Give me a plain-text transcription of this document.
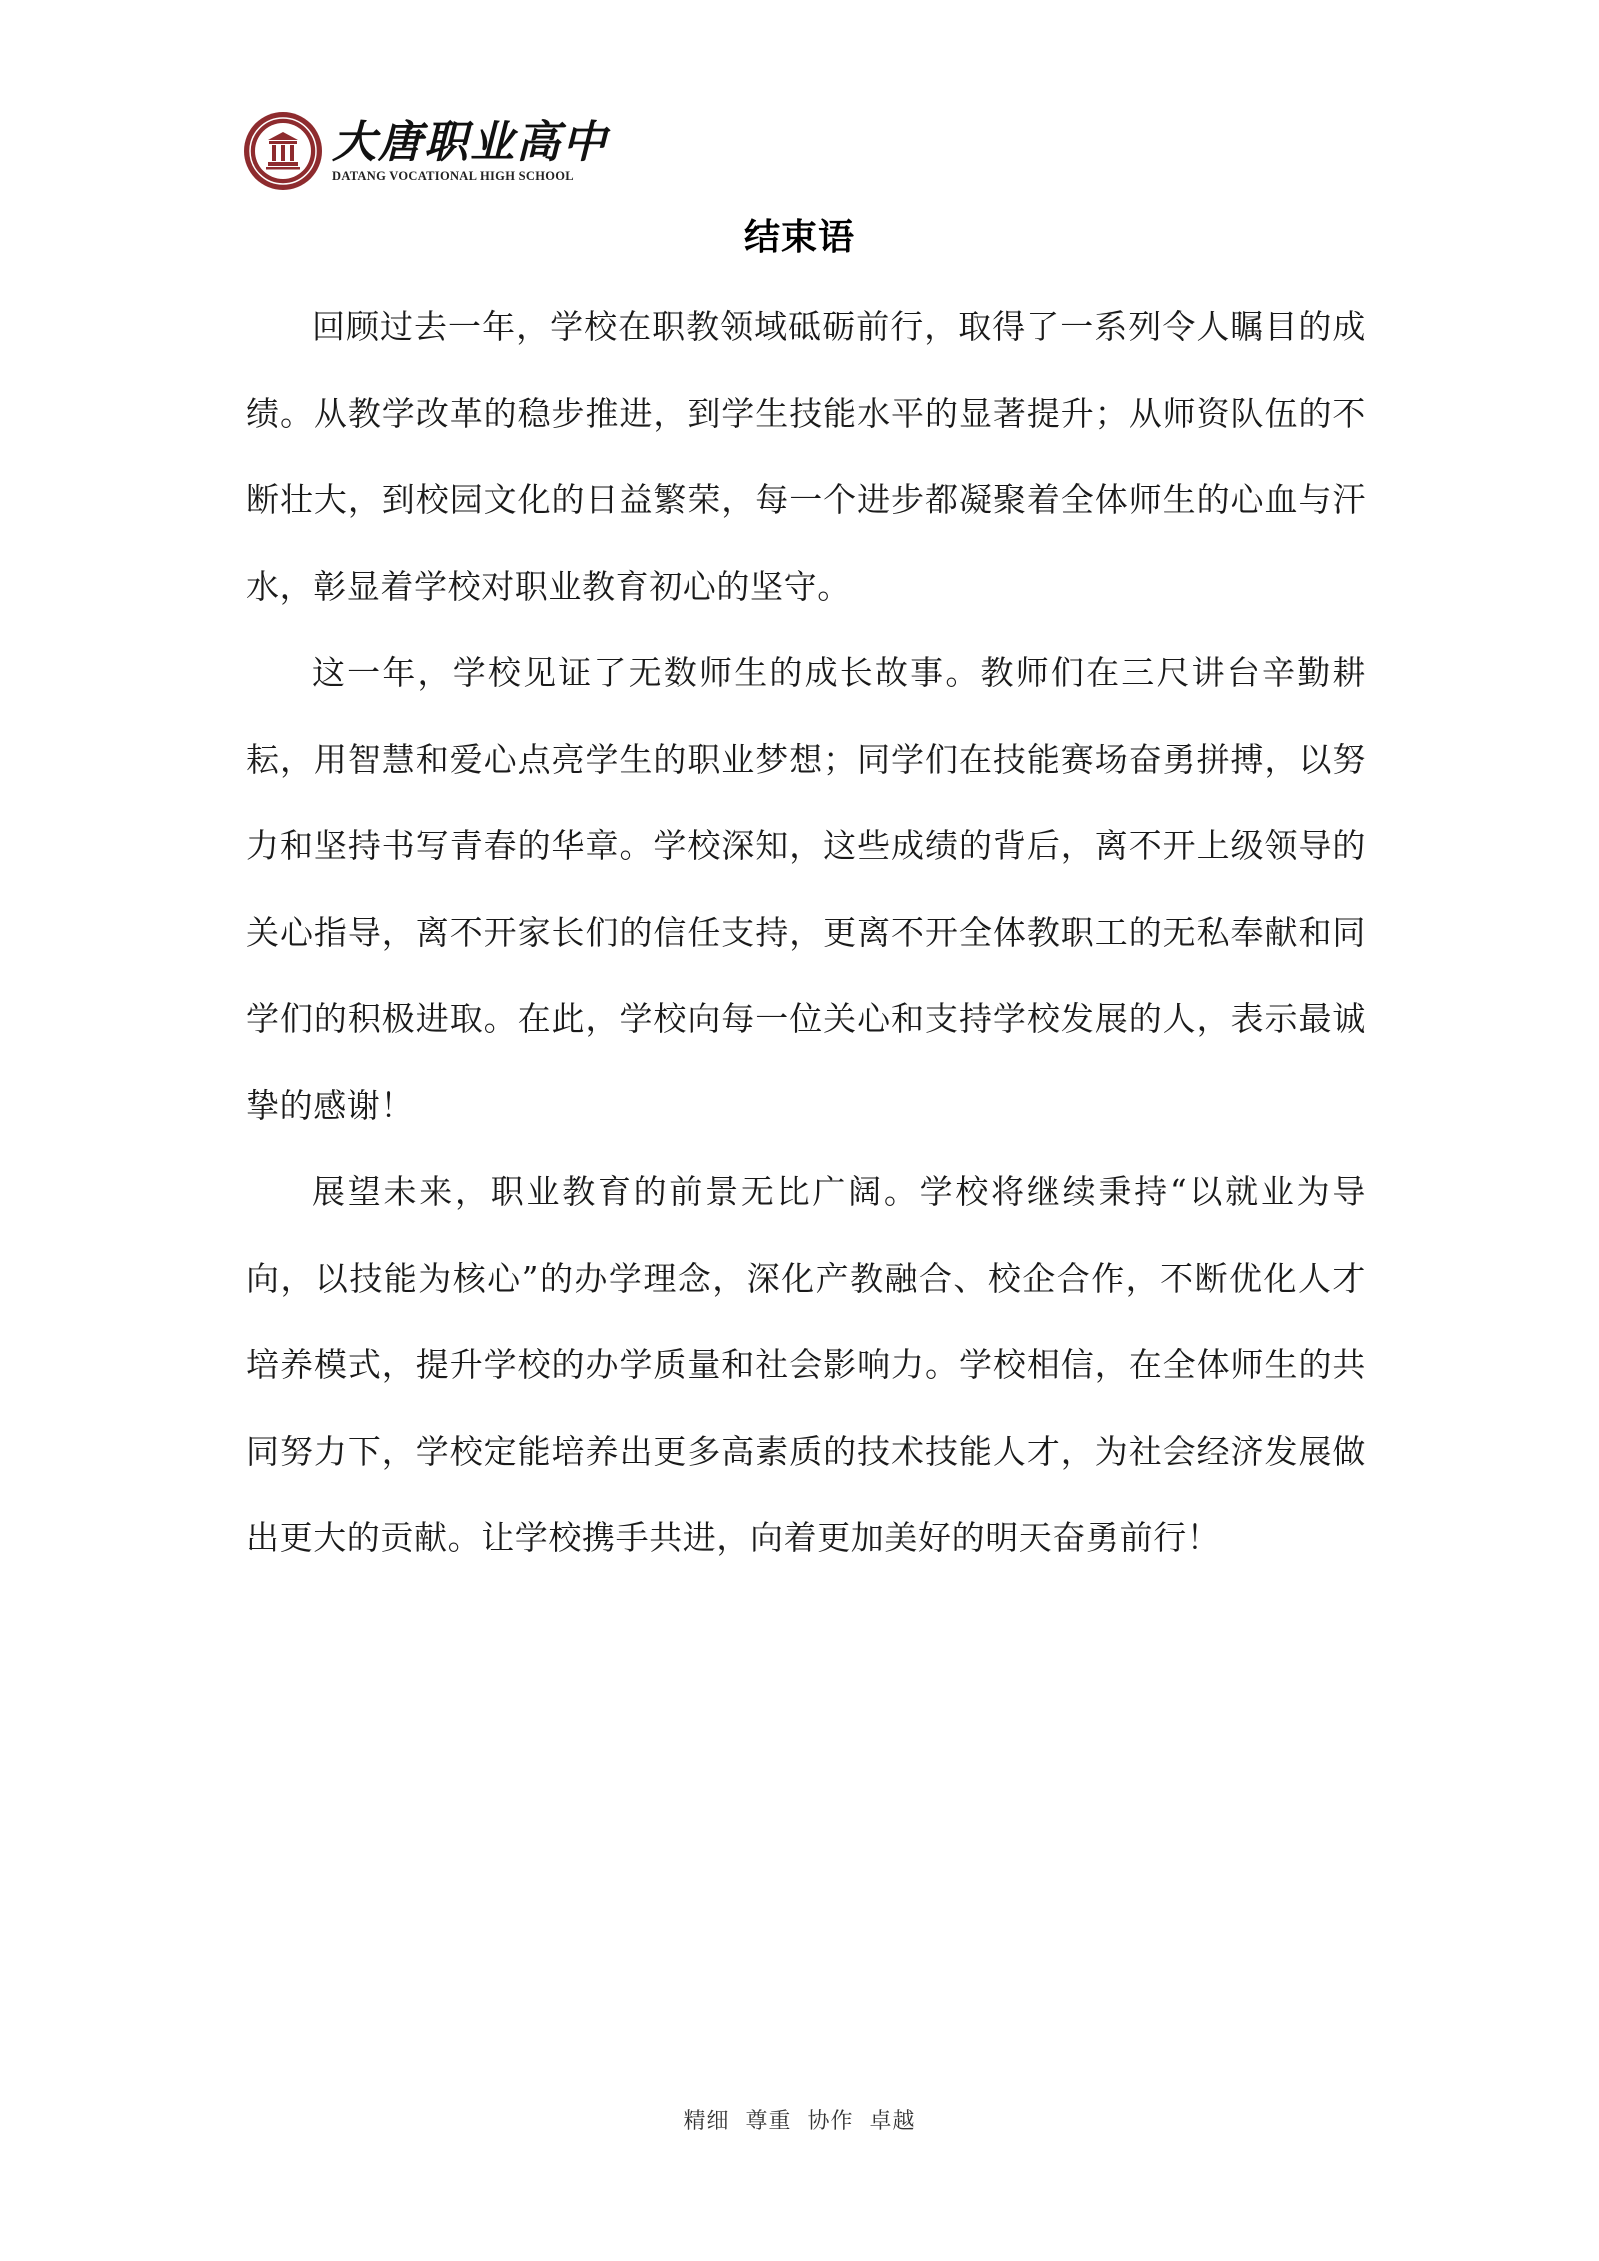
大唐职业高中
DATANG VOCATIONAL HIGH SCHOOL
结束语

回顾过去一年，学校在职教领域砥砺前行，取得了一系列令人瞩目的成绩。从教学改革的稳步推进，到学生技能水平的显著提升；从师资队伍的不断壮大，到校园文化的日益繁荣，每一个进步都凝聚着全体师生的心血与汗水，彰显着学校对职业教育初心的坚守。

这一年，学校见证了无数师生的成长故事。教师们在三尺讲台辛勤耕耘，用智慧和爱心点亮学生的职业梦想；同学们在技能赛场奋勇拼搏，以努力和坚持书写青春的华章。学校深知，这些成绩的背后，离不开上级领导的关心指导，离不开家长们的信任支持，更离不开全体教职工的无私奉献和同学们的积极进取。在此，学校向每一位关心和支持学校发展的人，表示最诚挚的感谢！

展望未来，职业教育的前景无比广阔。学校将继续秉持“以就业为导向，以技能为核心”的办学理念，深化产教融合、校企合作，不断优化人才培养模式，提升学校的办学质量和社会影响力。学校相信，在全体师生的共同努力下，学校定能培养出更多高素质的技术技能人才，为社会经济发展做出更大的贡献。让学校携手共进，向着更加美好的明天奋勇前行！

精细 尊重 协作 卓越
